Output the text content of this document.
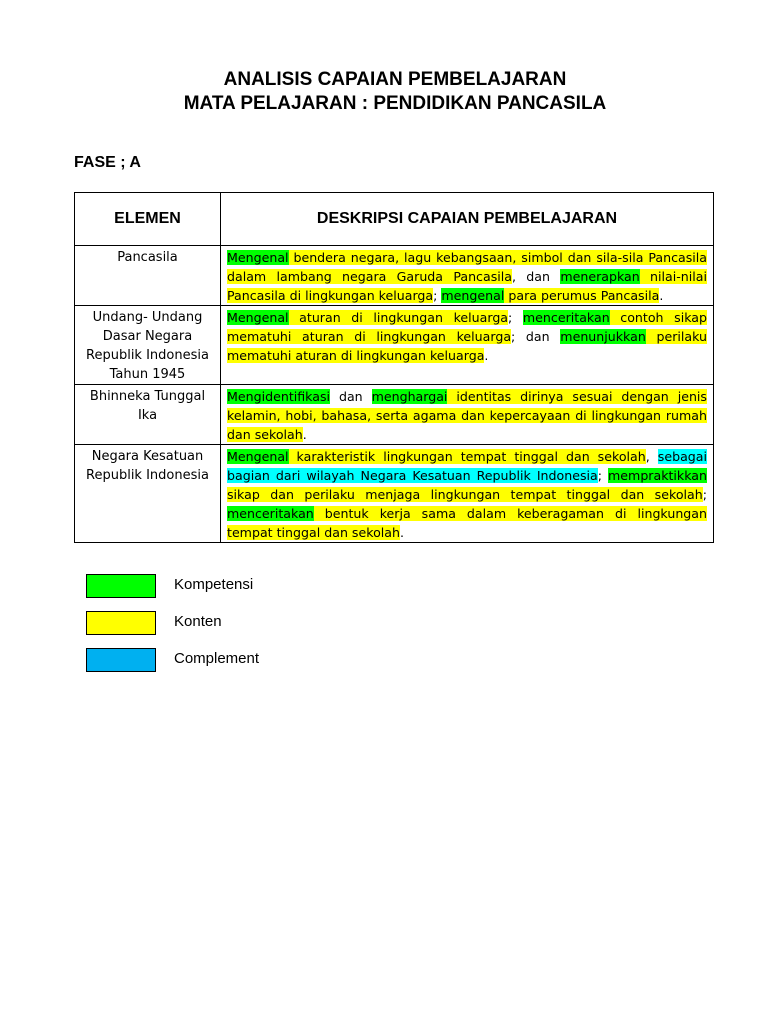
ANALISIS CAPAIAN PEMBELAJARAN
MATA PELAJARAN : PENDIDIKAN PANCASILA
FASE ; A
ELEMEN	DESKRIPSI CAPAIAN PEMBELAJARAN
Pancasila	Mengenal bendera negara, lagu kebangsaan, simbol dan sila-sila Pancasila dalam lambang negara Garuda Pancasila, dan menerapkan nilai-nilai Pancasila di lingkungan keluarga; mengenal para perumus Pancasila.
Undang- Undang Dasar Negara Republik Indonesia Tahun 1945	Mengenal aturan di lingkungan keluarga; menceritakan contoh sikap mematuhi aturan di lingkungan keluarga; dan menunjukkan perilaku mematuhi aturan di lingkungan keluarga.
Bhinneka Tunggal Ika	Mengidentifikasi dan menghargai identitas dirinya sesuai dengan jenis kelamin, hobi, bahasa, serta agama dan kepercayaan di lingkungan rumah dan sekolah.
Negara Kesatuan Republik Indonesia	Mengenal karakteristik lingkungan tempat tinggal dan sekolah, sebagai bagian dari wilayah Negara Kesatuan Republik Indonesia; mempraktikkan sikap dan perilaku menjaga lingkungan tempat tinggal dan sekolah; menceritakan bentuk kerja sama dalam keberagaman di lingkungan tempat tinggal dan sekolah.
Kompetensi
Konten
Complement
